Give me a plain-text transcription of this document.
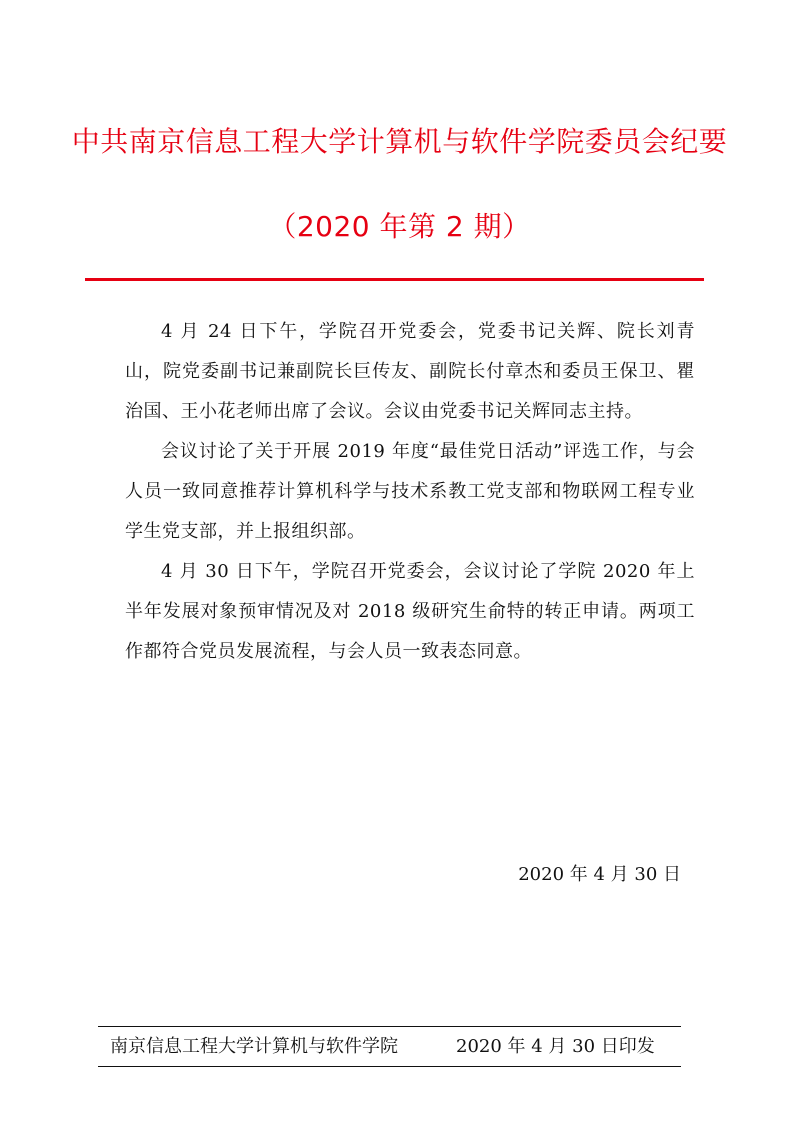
中共南京信息工程大学计算机与软件学院委员会纪要
（2020 年第 2 期）

4 月 24 日下午，学院召开党委会，党委书记关辉、院长刘青山，院党委副书记兼副院长巨传友、副院长付章杰和委员王保卫、瞿治国、王小花老师出席了会议。会议由党委书记关辉同志主持。

会议讨论了关于开展 2019 年度“最佳党日活动”评选工作，与会人员一致同意推荐计算机科学与技术系教工党支部和物联网工程专业学生党支部，并上报组织部。

4 月 30 日下午，学院召开党委会，会议讨论了学院 2020 年上半年发展对象预审情况及对 2018 级研究生俞特的转正申请。两项工作都符合党员发展流程，与会人员一致表态同意。

2020 年 4 月 30 日
南京信息工程大学计算机与软件学院	2020 年 4 月 30 日印发
